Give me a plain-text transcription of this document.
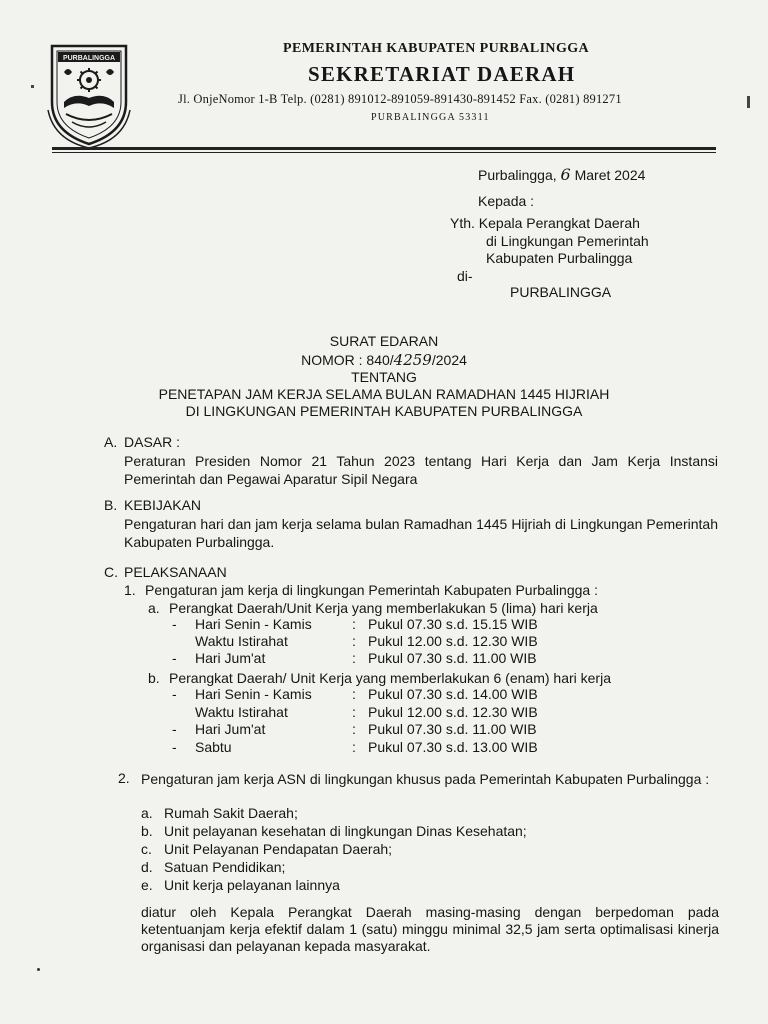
PURBALINGGA
PEMERINTAH KABUPATEN PURBALINGGA
SEKRETARIAT DAERAH
Jl. OnjeNomor 1-B Telp. (0281) 891012-891059-891430-891452 Fax. (0281) 891271
PURBALINGGA 53311
Purbalingga, 6 Maret 2024
Kepada :
Yth. Kepala Perangkat Daerah
di Lingkungan Pemerintah
Kabupaten Purbalingga
di-
PURBALINGGA
SURAT EDARAN
NOMOR : 840/4259/2024
TENTANG
PENETAPAN JAM KERJA SELAMA BULAN RAMADHAN 1445 HIJRIAH
DI LINGKUNGAN PEMERINTAH KABUPATEN PURBALINGGA
A. DASAR :
Peraturan Presiden Nomor 21 Tahun 2023 tentang Hari Kerja dan Jam Kerja Instansi Pemerintah dan Pegawai Aparatur Sipil Negara
B. KEBIJAKAN
Pengaturan hari dan jam kerja selama bulan Ramadhan 1445 Hijriah di Lingkungan Pemerintah Kabupaten Purbalingga.
C. PELAKSANAAN
1. Pengaturan jam kerja di lingkungan Pemerintah Kabupaten Purbalingga :
a. Perangkat Daerah/Unit Kerja yang memberlakukan 5 (lima) hari kerja
- Hari Senin - Kamis	: Pukul 07.30 s.d. 15.15 WIB
Waktu Istirahat	: Pukul 12.00 s.d. 12.30 WIB
- Hari Jum'at	: Pukul 07.30 s.d. 11.00 WIB
b. Perangkat Daerah/ Unit Kerja yang memberlakukan 6 (enam) hari kerja
- Hari Senin - Kamis	: Pukul 07.30 s.d. 14.00 WIB
Waktu Istirahat	: Pukul 12.00 s.d. 12.30 WIB
- Hari Jum'at	: Pukul 07.30 s.d. 11.00 WIB
- Sabtu	: Pukul 07.30 s.d. 13.00 WIB
2. Pengaturan jam kerja ASN di lingkungan khusus pada Pemerintah Kabupaten Purbalingga :
a. Rumah Sakit Daerah;
b. Unit pelayanan kesehatan di lingkungan Dinas Kesehatan;
c. Unit Pelayanan Pendapatan Daerah;
d. Satuan Pendidikan;
e. Unit kerja pelayanan lainnya
diatur oleh Kepala Perangkat Daerah masing-masing dengan berpedoman pada ketentuanjam kerja efektif dalam 1 (satu) minggu minimal 32,5 jam serta optimalisasi kinerja organisasi dan pelayanan kepada masyarakat.
